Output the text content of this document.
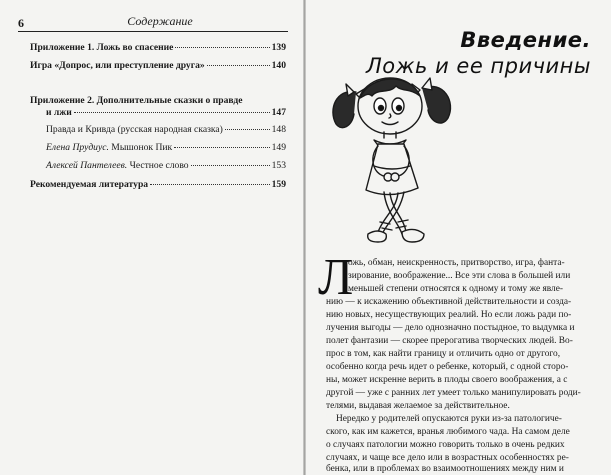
6	Содержание
Приложение 1. Ложь во спасение	139
Игра «Допрос, или преступление друга»	140
Приложение 2. Дополнительные сказки о правде
и лжи	147
Правда и Кривда (русская народная сказка)	148
Елена Прудиус. Мышонок Пик	149
Алексей Пантелеев. Честное слово	153
Рекомендуемая литература	159
Введение.
Ложь и ее причины
Л
ожь, обман, неискренность, притворство, игра, фанта-
зирование, воображение... Все эти слова в большей или
меньшей степени относятся к одному и тому же явле-
нию — к искажению объективной действительности и созда-
нию новых, несуществующих реалий. Но если ложь ради по-
лучения выгоды — дело однозначно постыдное, то выдумка и
полет фантазии — скорее прерогатива творческих людей. Во-
прос в том, как найти границу и отличить одно от другого,
особенно когда речь идет о ребенке, который, с одной сторо-
ны, может искренне верить в плоды своего воображения, а с
другой — уже с ранних лет умеет только манипулировать роди-
телями, выдавая желаемое за действительное.
Нередко у родителей опускаются руки из-за патологиче-
ского, как им кажется, вранья любимого чада. На самом деле
о случаях патологии можно говорить только в очень редких
случаях, и чаще все дело или в возрастных особенностях ре-
бенка, или в проблемах во взаимоотношениях между ним и
